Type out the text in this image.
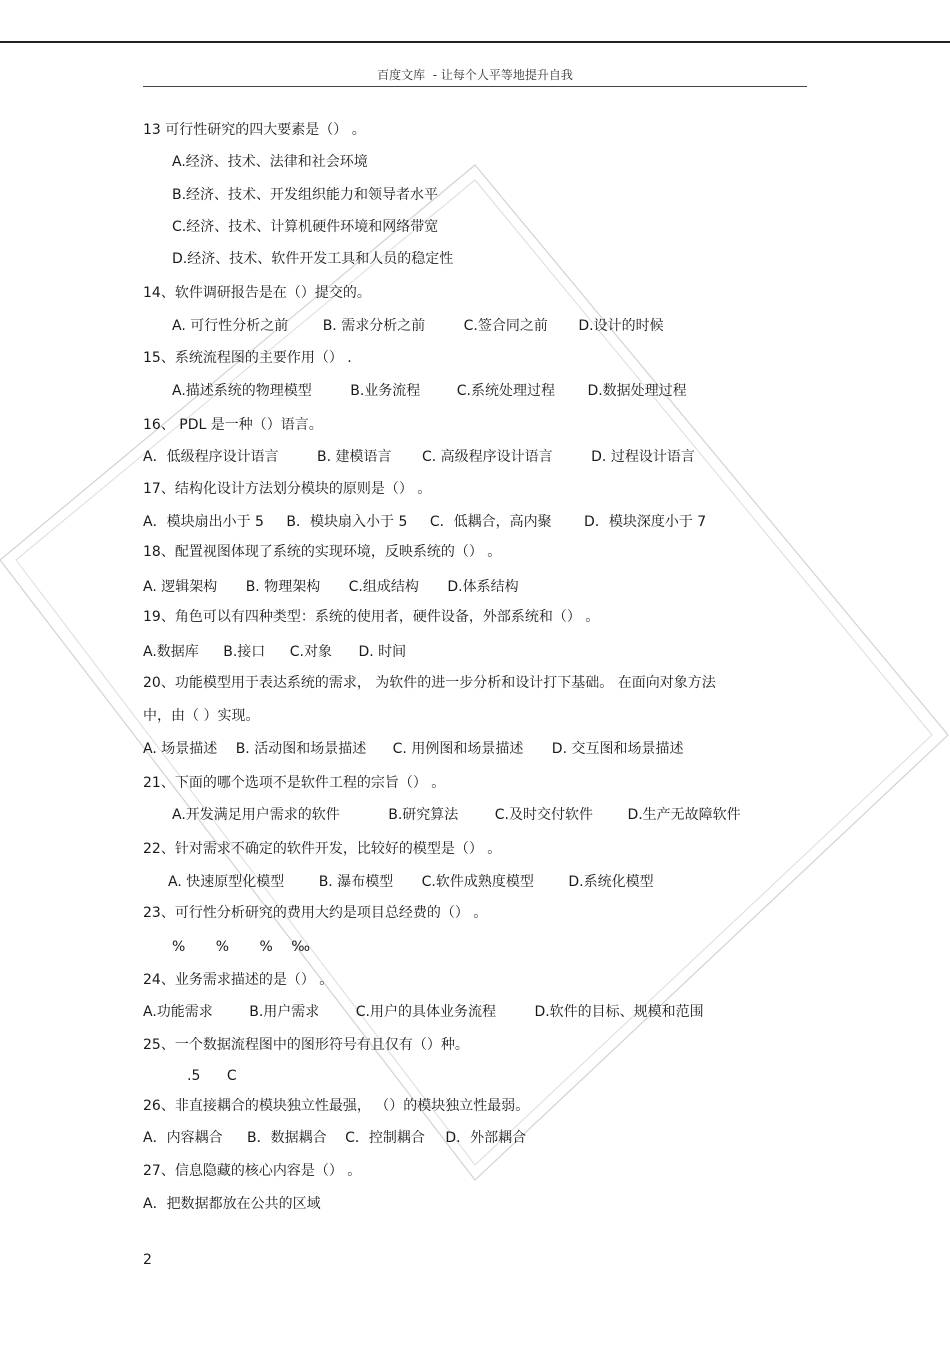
百度文库  - 让每个人平等地提升自我
13 可行性研究的四大要素是（） 。
A.经济、技术、法律和社会环境
B.经济、技术、开发组织能力和领导者水平
C.经济、技术、计算机硬件环境和网络带宽
D.经济、技术、软件开发工具和人员的稳定性
14、软件调研报告是在（）提交的。
A. 可行性分析之前 B. 需求分析之前	C.签合同之前 D.设计的时候
15、系统流程图的主要作用（） .
A.描述系统的物理模型	B.业务流程	C.系统处理过程 D.数据处理过程
16、 PDL 是一种（）语言。
A．低级程序设计语言	B. 建模语言 C. 高级程序设计语言	D. 过程设计语言
17、结构化设计方法划分模块的原则是（） 。
A．模块扇出小于 5 B．模块扇入小于 5 C．低耦合，高内聚 D．模块深度小于 7
18、配置视图体现了系统的实现环境，反映系统的（） 。
A. 逻辑架构 B. 物理架构 C.组成结构 D.体系结构
19、角色可以有四种类型：系统的使用者，硬件设备，外部系统和（） 。
A.数据库 B.接口 C.对象 D. 时间
20、功能模型用于表达系统的需求， 为软件的进一步分析和设计打下基础。 在面向对象方法
中，由（ ）实现。
A. 场景描述 B. 活动图和场景描述 C. 用例图和场景描述 D. 交互图和场景描述
21、下面的哪个选项不是软件工程的宗旨（） 。
A.开发满足用户需求的软件	B.研究算法	C.及时交付软件 D.生产无故障软件
22、针对需求不确定的软件开发，比较好的模型是（） 。
A. 快速原型化模型 B. 瀑布模型 C.软件成熟度模型 D.系统化模型
23、可行性分析研究的费用大约是项目总经费的（） 。
% % % ‰
24、业务需求描述的是（） 。
A.功能需求	B.用户需求	C.用户的具体业务流程	D.软件的目标、规模和范围
25、一个数据流程图中的图形符号有且仅有（）种。
.5 C
26、非直接耦合的模块独立性最强， （）的模块独立性最弱。
A．内容耦合 B．数据耦合 C．控制耦合 D．外部耦合
27、信息隐藏的核心内容是（） 。
A．把数据都放在公共的区域
2
